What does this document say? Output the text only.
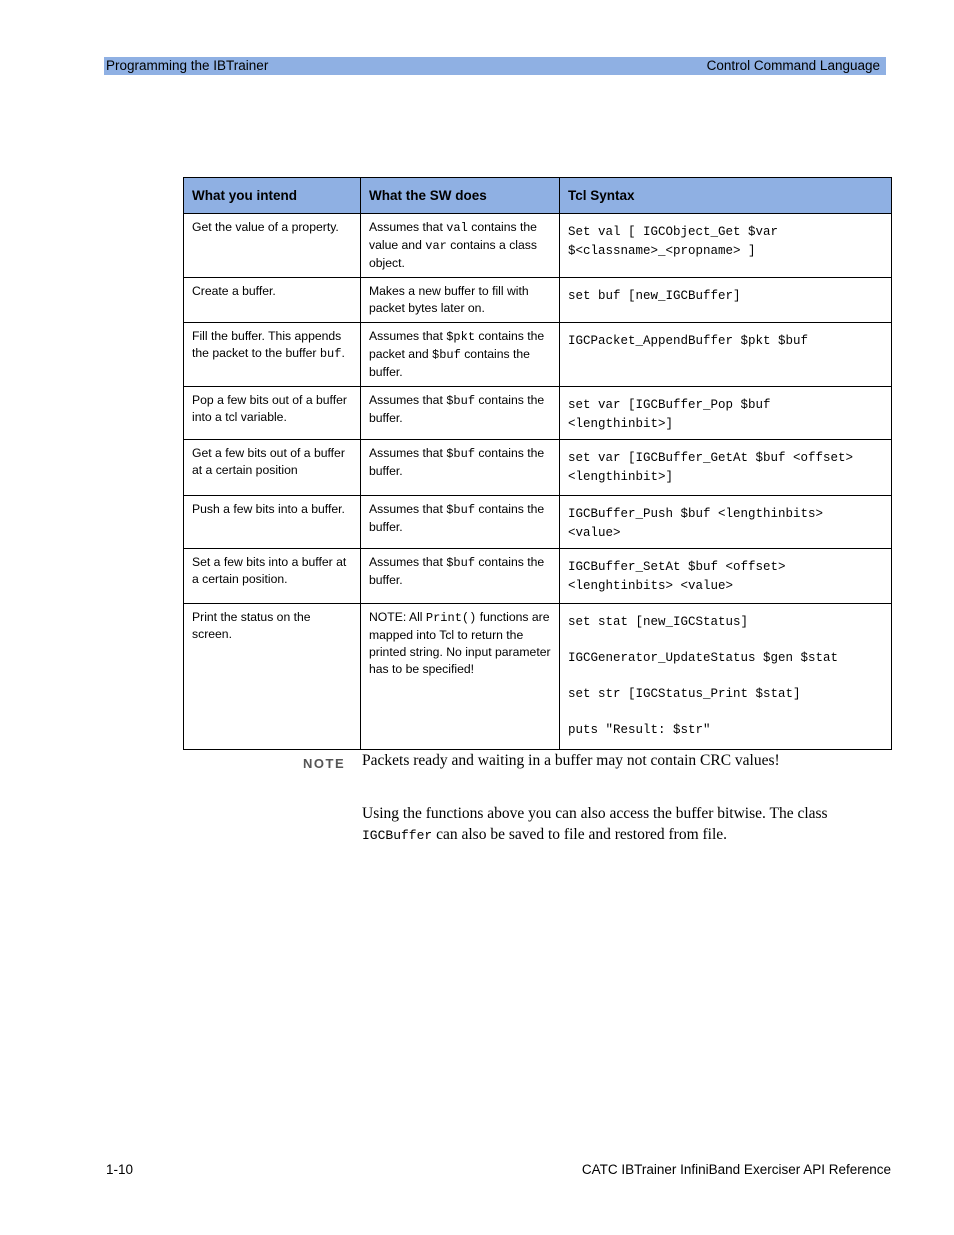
Programming the IBTrainer	Control Command Language
What you intend	What the SW does	Tcl Syntax
Get the value of a property.	Assumes that val contains the value and var contains a class object.	Set val [ IGCObject_Get $var
$<classname>_<propname> ]

Create a buffer.	Makes a new buffer to fill with packet bytes later on.	set buf [new_IGCBuffer]

Fill the buffer. This appends the packet to the buffer buf.	Assumes that $pkt contains the packet and $buf contains the buffer.	IGCPacket_AppendBuffer $pkt $buf

Pop a few bits out of a buffer into a tcl variable.	Assumes that $buf contains the buffer.	set var [IGCBuffer_Pop $buf <lengthinbit>]

Get a few bits out of a buffer at a certain position	Assumes that $buf contains the buffer.	set var [IGCBuffer_GetAt $buf <offset>
<lengthinbit>]

Push a few bits into a buffer.	Assumes that $buf contains the buffer.	IGCBuffer_Push $buf <lengthinbits> <value>

Set a few bits into a buffer at a certain position.	Assumes that $buf contains the buffer.	IGCBuffer_SetAt $buf <offset>
<lenghtinbits> <value>

Print the status on the screen.	NOTE: All Print() functions are mapped into Tcl to return the printed string. No input parameter has to be specified!	set stat [new_IGCStatus]
IGCGenerator_UpdateStatus $gen $stat
set str [IGCStatus_Print $stat]
puts "Result: $str"
NOTE Packets ready and waiting in a buffer may not contain CRC values!

Using the functions above you can also access the buffer bitwise. The class IGCBuffer can also be saved to file and restored from file.

1-10	CATC IBTrainer InfiniBand Exerciser API Reference
